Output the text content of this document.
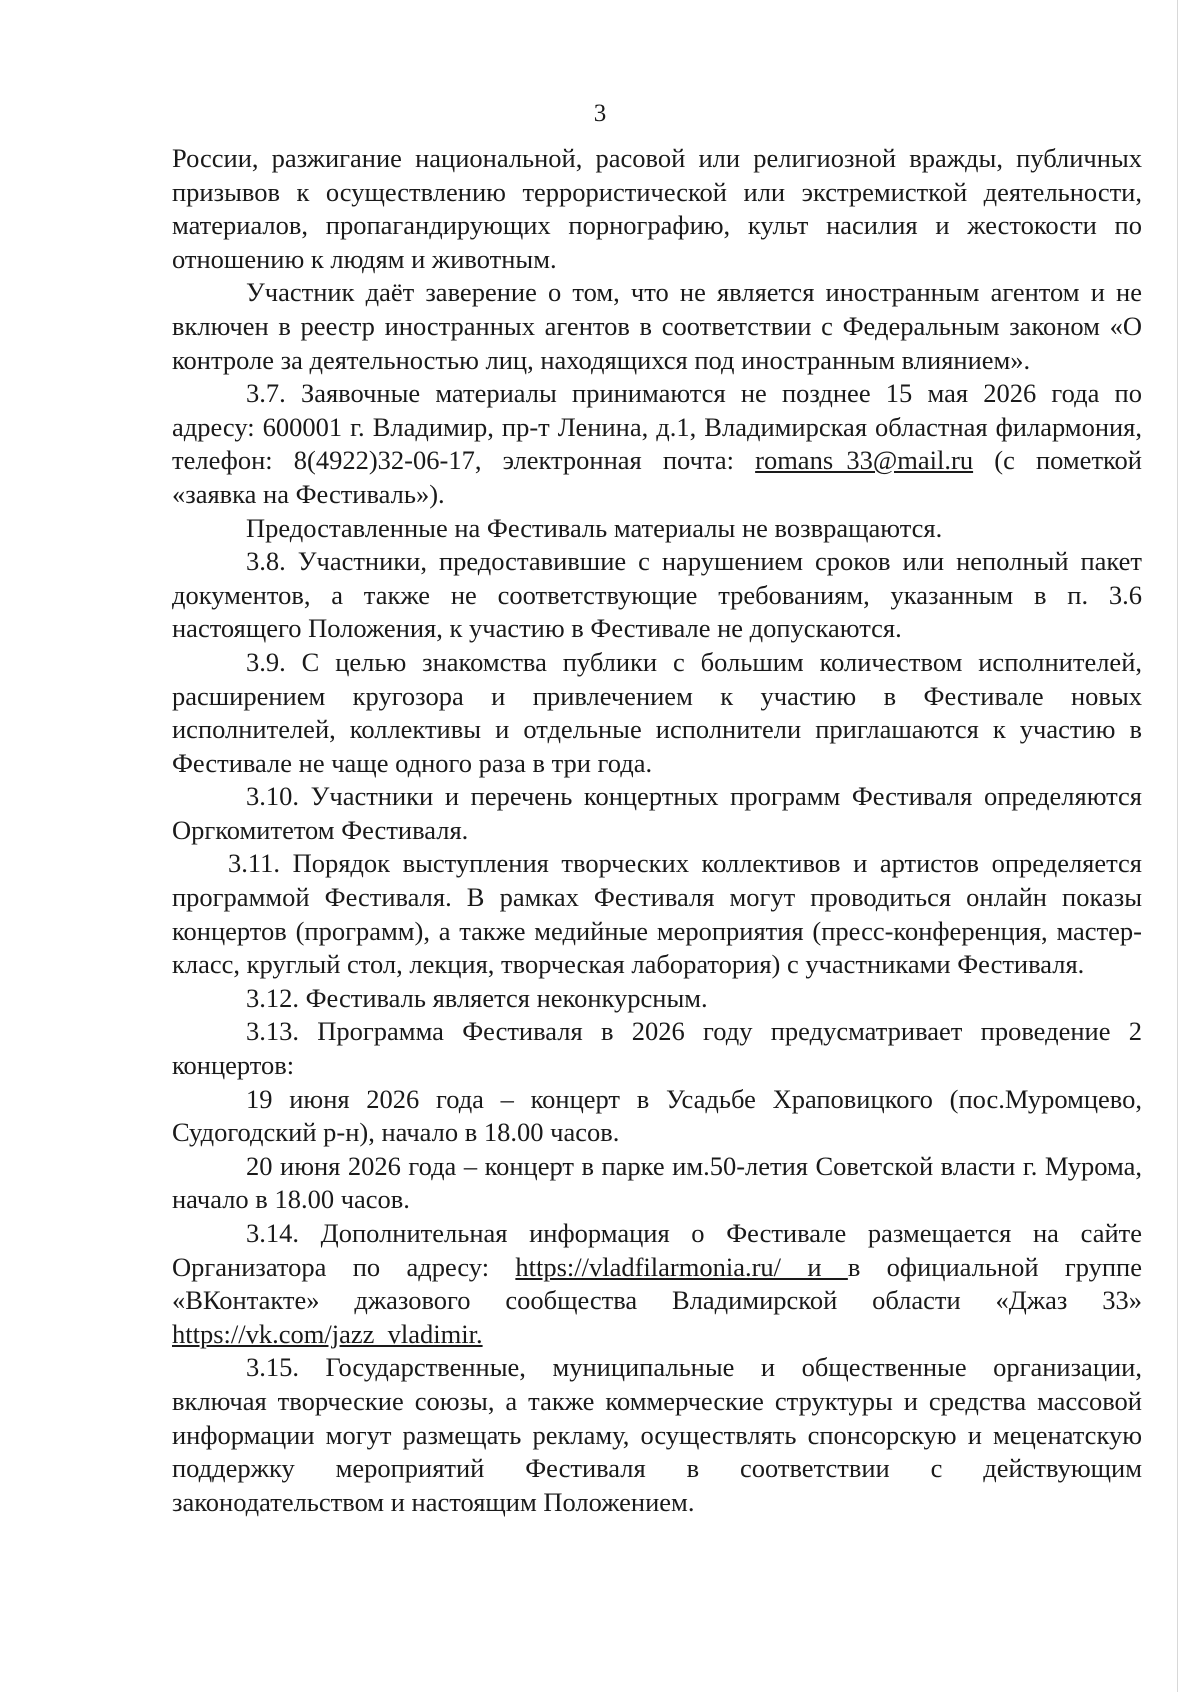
3

России, разжигание национальной, расовой или религиозной вражды, публичных призывов к осуществлению террористической или экстремисткой деятельности, материалов, пропагандирующих порнографию, культ насилия и жестокости по отношению к людям и животным.

Участник даёт заверение о том, что не является иностранным агентом и не включен в реестр иностранных агентов в соответствии с Федеральным законом «О контроле за деятельностью лиц, находящихся под иностранным влиянием».

3.7. Заявочные материалы принимаются не позднее 15 мая 2026 года по адресу: 600001 г. Владимир, пр-т Ленина, д.1, Владимирская областная филармония, телефон: 8(4922)32-06-17, электронная почта: romans_33@mail.ru (с пометкой «заявка на Фестиваль»).

Предоставленные на Фестиваль материалы не возвращаются.

3.8. Участники, предоставившие с нарушением сроков или неполный пакет документов, а также не соответствующие требованиям, указанным в п. 3.6 настоящего Положения, к участию в Фестивале не допускаются.

3.9. С целью знакомства публики с большим количеством исполнителей, расширением кругозора и привлечением к участию в Фестивале новых исполнителей, коллективы и отдельные исполнители приглашаются к участию в Фестивале не чаще одного раза в три года.

3.10. Участники и перечень концертных программ Фестиваля определяются Оргкомитетом Фестиваля.

3.11. Порядок выступления творческих коллективов и артистов определяется программой Фестиваля. В рамках Фестиваля могут проводиться онлайн показы концертов (программ), а также медийные мероприятия (пресс-конференция, мастер-класс, круглый стол, лекция, творческая лаборатория) с участниками Фестиваля.

3.12. Фестиваль является неконкурсным.

3.13. Программа Фестиваля в 2026 году предусматривает проведение 2 концертов:

19 июня 2026 года – концерт в Усадьбе Храповицкого (пос.Муромцево, Судогодский р-н), начало в 18.00 часов.

20 июня 2026 года – концерт в парке им.50-летия Советской власти г. Мурома, начало в 18.00 часов.

3.14. Дополнительная информация о Фестивале размещается на сайте Организатора по адресу: https://vladfilarmonia.ru/ и в официальной группе «ВКонтакте» джазового сообщества Владимирской области «Джаз 33» https://vk.com/jazz_vladimir.

3.15. Государственные, муниципальные и общественные организации, включая творческие союзы, а также коммерческие структуры и средства массовой информации могут размещать рекламу, осуществлять спонсорскую и меценатскую поддержку мероприятий Фестиваля в соответствии с действующим законодательством и настоящим Положением.
